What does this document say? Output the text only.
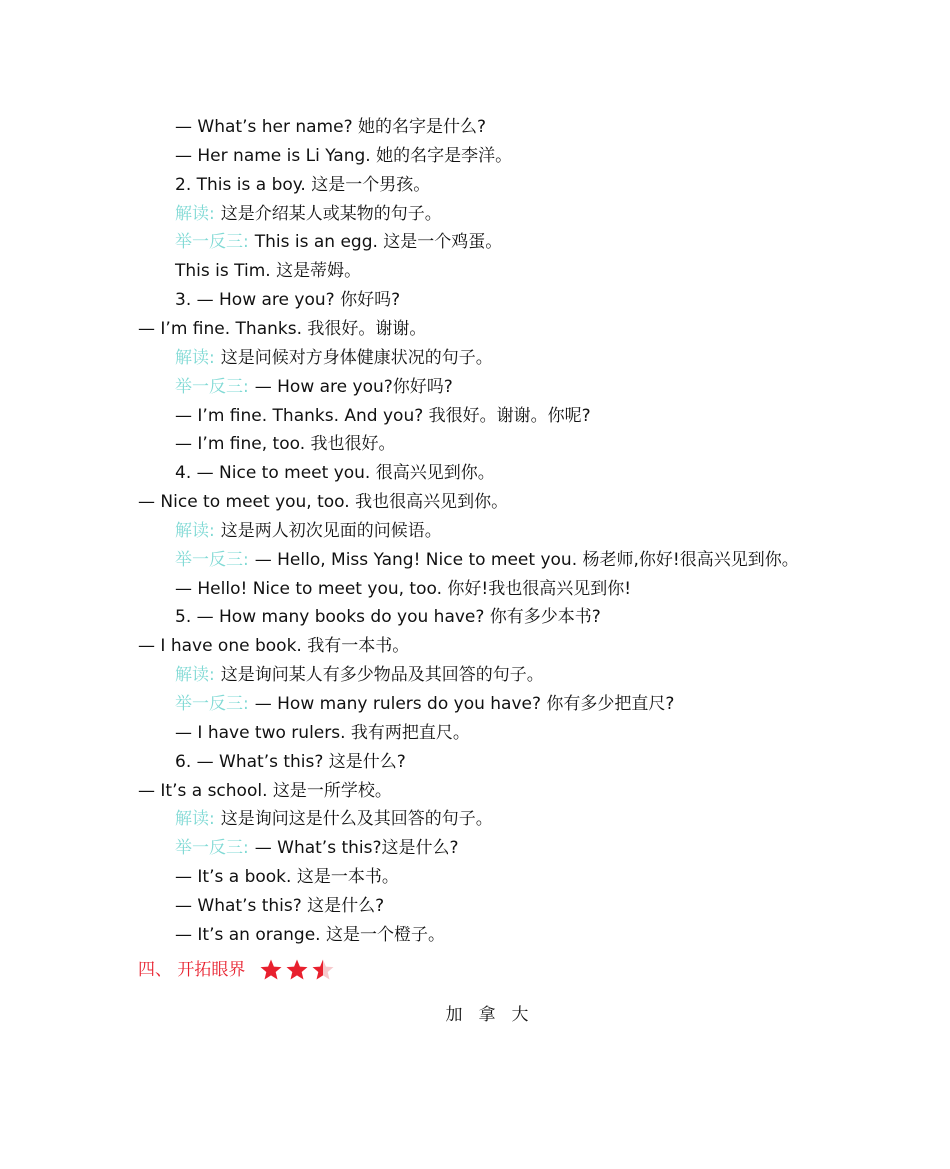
— What’s her name? 她的名字是什么?
— Her name is Li Yang. 她的名字是李洋。
2. This is a boy. 这是一个男孩。
解读: 这是介绍某人或某物的句子。
举一反三: This is an egg. 这是一个鸡蛋。
This is Tim. 这是蒂姆。
3. — How are you? 你好吗?
— I’m fine. Thanks. 我很好。谢谢。
解读: 这是问候对方身体健康状况的句子。
举一反三: — How are you?你好吗?
— I’m fine. Thanks. And you? 我很好。谢谢。你呢?
— I’m fine, too. 我也很好。
4. — Nice to meet you. 很高兴见到你。
— Nice to meet you, too. 我也很高兴见到你。
解读: 这是两人初次见面的问候语。
举一反三: — Hello, Miss Yang! Nice to meet you. 杨老师,你好!很高兴见到你。
— Hello! Nice to meet you, too. 你好!我也很高兴见到你!
5. — How many books do you have? 你有多少本书?
— I have one book. 我有一本书。
解读: 这是询问某人有多少物品及其回答的句子。
举一反三: — How many rulers do you have? 你有多少把直尺?
— I have two rulers. 我有两把直尺。
6. — What’s this? 这是什么?
— It’s a school. 这是一所学校。
解读: 这是询问这是什么及其回答的句子。
举一反三: — What’s this?这是什么?
— It’s a book. 这是一本书。
— What’s this? 这是什么?
— It’s an orange. 这是一个橙子。
四、 开拓眼界
加拿大
